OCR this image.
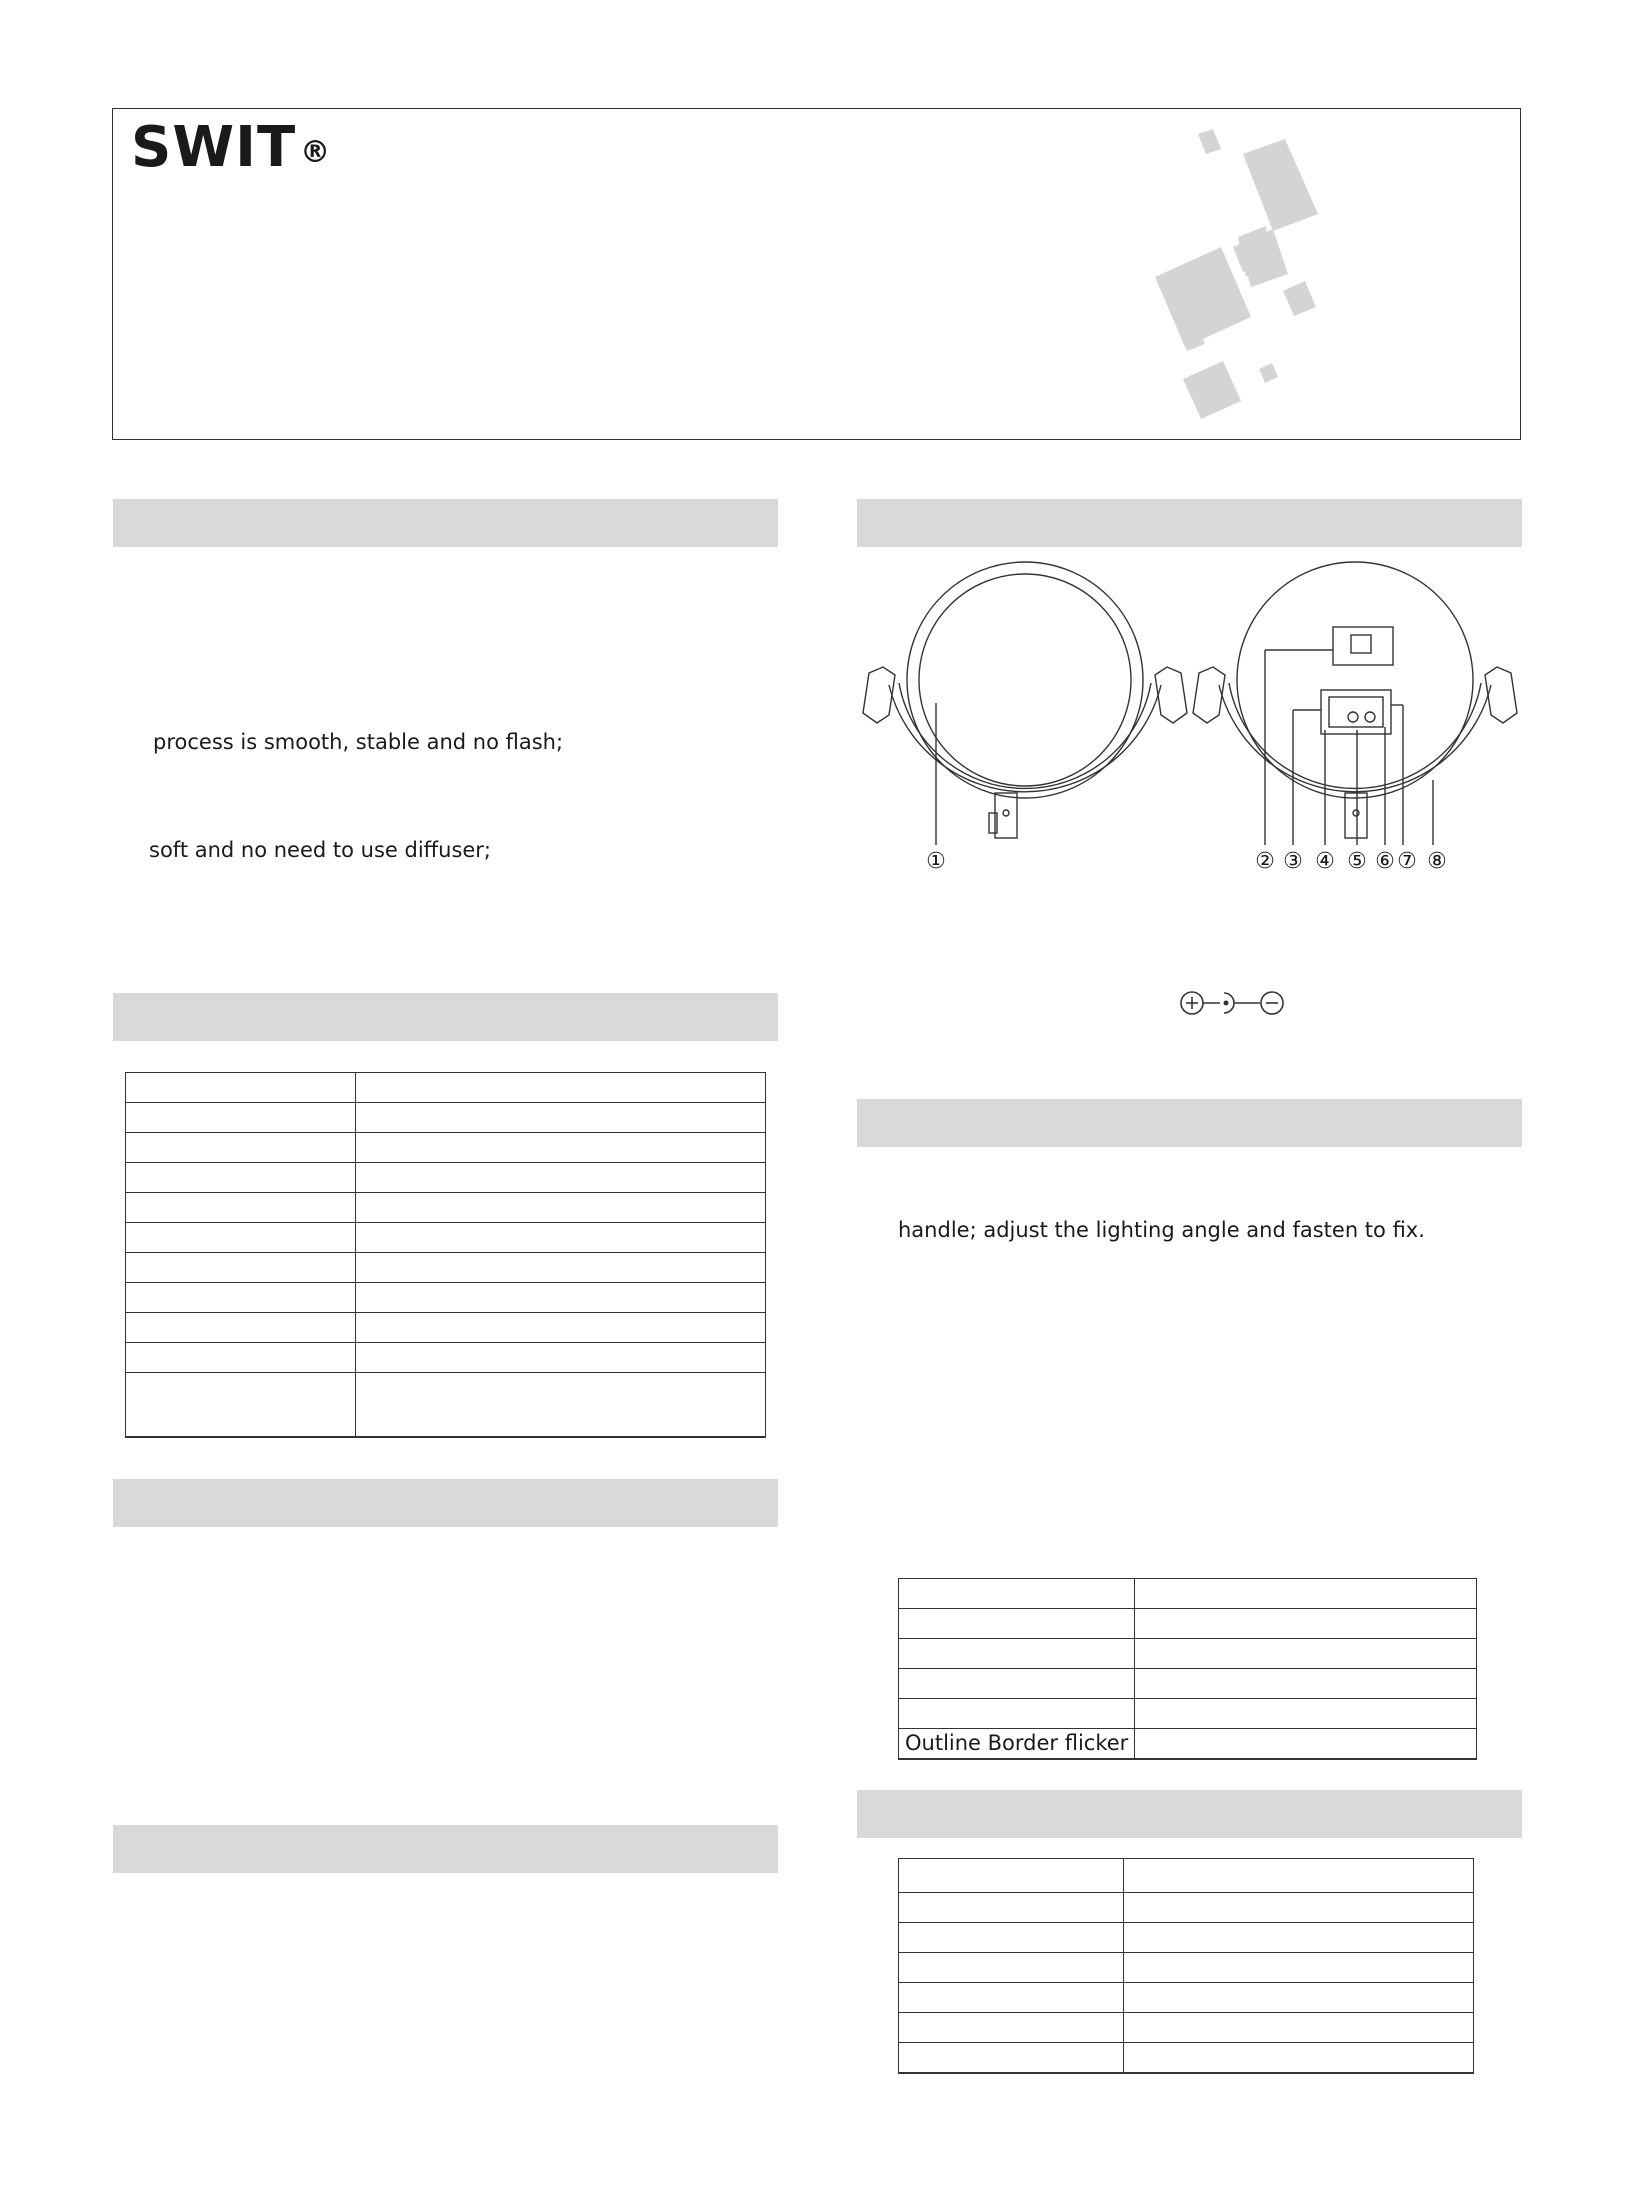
SWIT ®
process is smooth, stable and no flash;
soft and no need to use diffuser;

		①	② ③ ④ ⑤ ⑥ ⑦ ⑧
handle; adjust the lighting angle and fasten to fix.

Outline Border flicker	
